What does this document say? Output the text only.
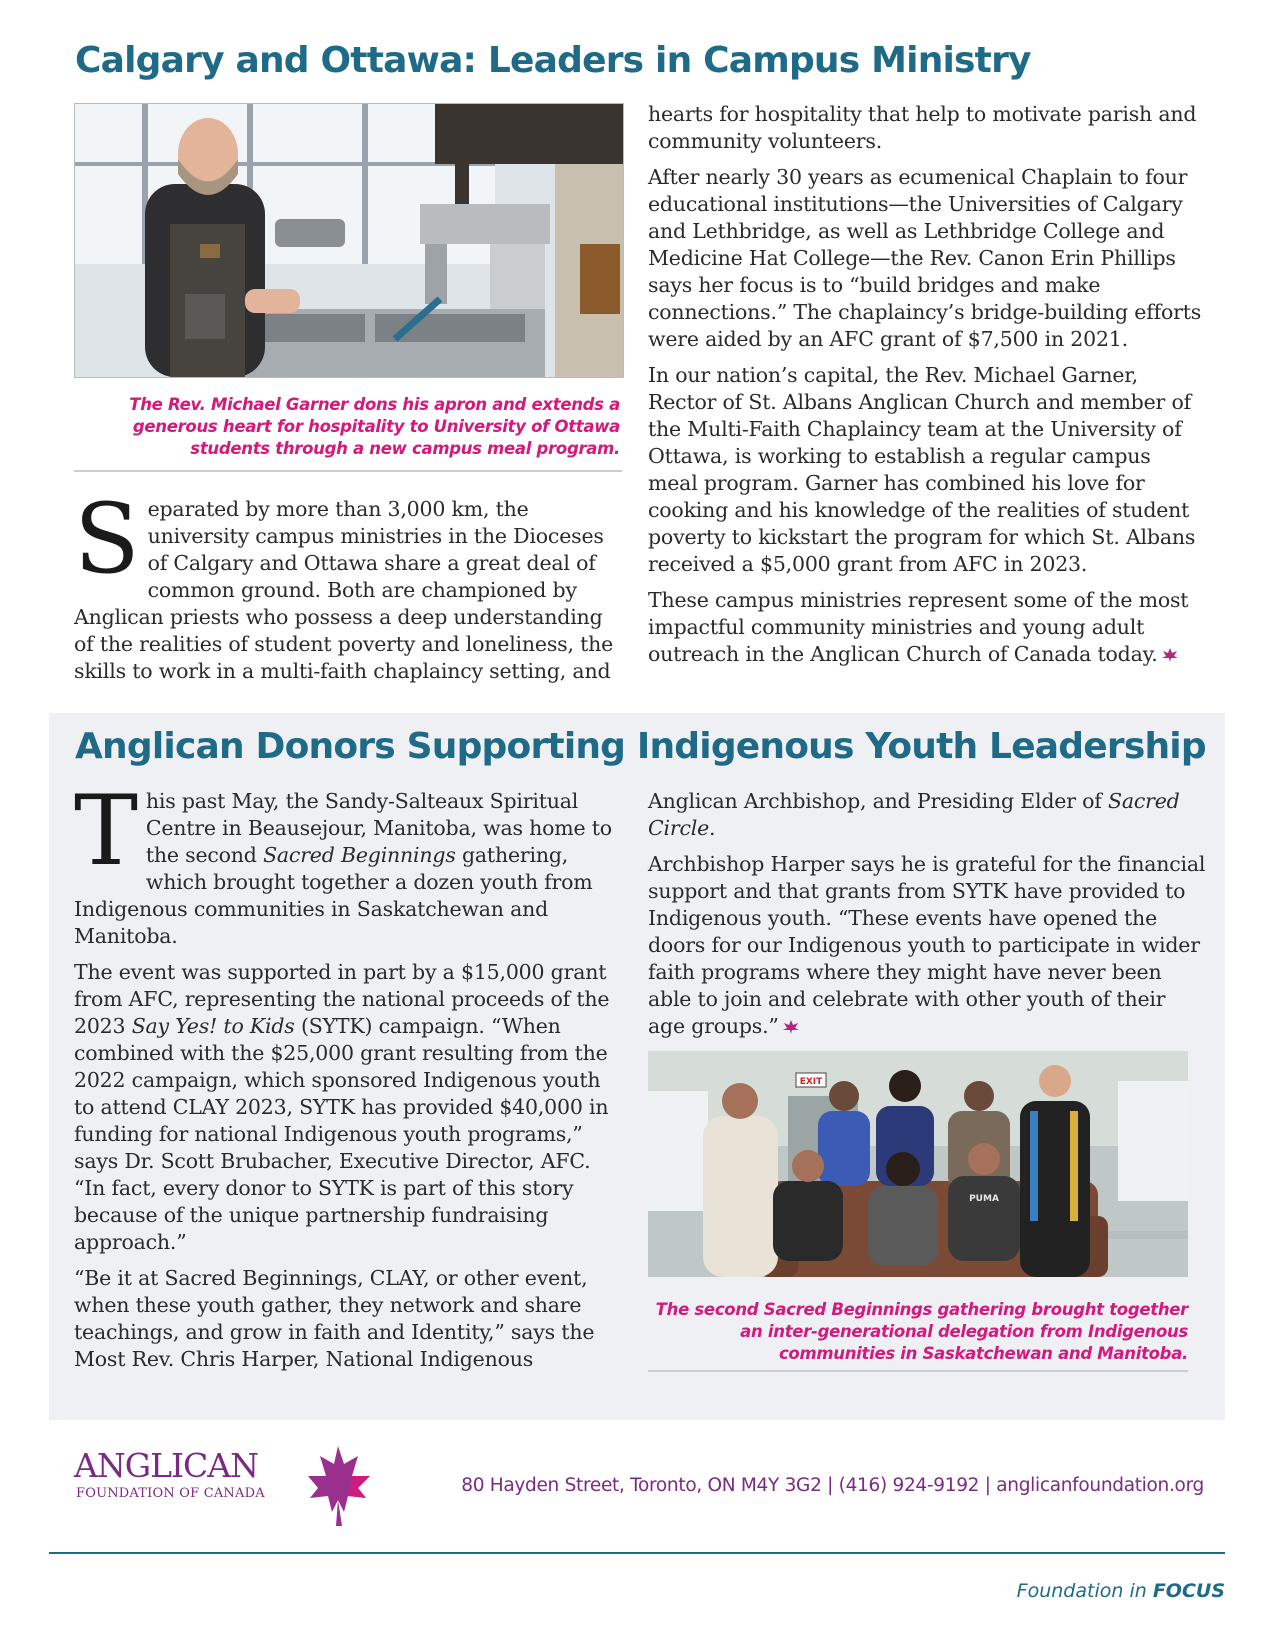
Calgary and Ottawa: Leaders in Campus Ministry

The Rev. Michael Garner dons his apron and extends a generous heart for hospitality to University of Ottawa students through a new campus meal program.

Separated by more than 3,000 km, the university campus ministries in the Dioceses of Calgary and Ottawa share a great deal of common ground. Both are championed by Anglican priests who possess a deep understanding of the realities of student poverty and loneliness, the skills to work in a multi-faith chaplaincy setting, and

hearts for hospitality that help to motivate parish and community volunteers.

After nearly 30 years as ecumenical Chaplain to four educational institutions—the Universities of Calgary and Lethbridge, as well as Lethbridge College and Medicine Hat College—the Rev. Canon Erin Phillips says her focus is to “build bridges and make connections.” The chaplaincy’s bridge-building efforts were aided by an AFC grant of $7,500 in 2021.

In our nation’s capital, the Rev. Michael Garner, Rector of St. Albans Anglican Church and member of the Multi-Faith Chaplaincy team at the University of Ottawa, is working to establish a regular campus meal program. Garner has combined his love for cooking and his knowledge of the realities of student poverty to kickstart the program for which St. Albans received a $5,000 grant from AFC in 2023.

These campus ministries represent some of the most impactful community ministries and young adult outreach in the Anglican Church of Canada today.

Anglican Donors Supporting Indigenous Youth Leadership

This past May, the Sandy-Salteaux Spiritual Centre in Beausejour, Manitoba, was home to the second Sacred Beginnings gathering, which brought together a dozen youth from Indigenous communities in Saskatchewan and Manitoba.

The event was supported in part by a $15,000 grant from AFC, representing the national proceeds of the 2023 Say Yes! to Kids (SYTK) campaign. “When combined with the $25,000 grant resulting from the 2022 campaign, which sponsored Indigenous youth to attend CLAY 2023, SYTK has provided $40,000 in funding for national Indigenous youth programs,” says Dr. Scott Brubacher, Executive Director, AFC. “In fact, every donor to SYTK is part of this story because of the unique partnership fundraising approach.”

“Be it at Sacred Beginnings, CLAY, or other event, when these youth gather, they network and share teachings, and grow in faith and Identity,” says the Most Rev. Chris Harper, National Indigenous

Anglican Archbishop, and Presiding Elder of Sacred Circle.

Archbishop Harper says he is grateful for the financial support and that grants from SYTK have provided to Indigenous youth. “These events have opened the doors for our Indigenous youth to participate in wider faith programs where they might have never been able to join and celebrate with other youth of their age groups.”

EXIT
PUMA

The second Sacred Beginnings gathering brought together an inter-generational delegation from Indigenous communities in Saskatchewan and Manitoba.

ANGLICAN
FOUNDATION OF CANADA	80 Hayden Street, Toronto, ON M4Y 3G2 | (416) 924-9192 | anglicanfoundation.org
Foundation in FOCUS
